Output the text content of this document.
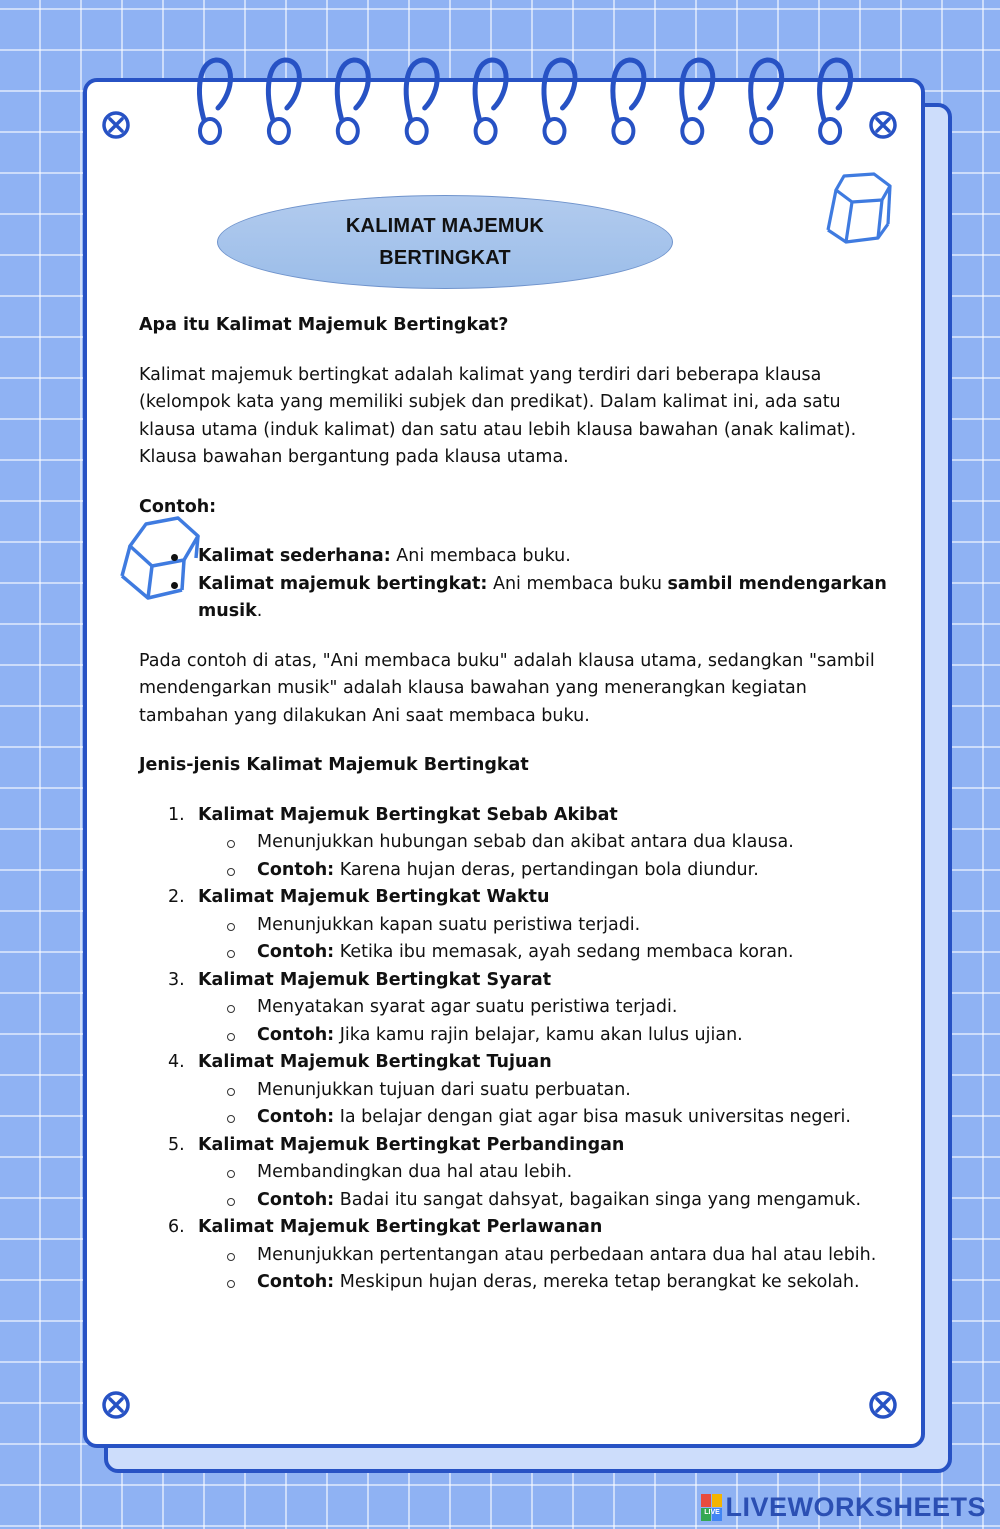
KALIMAT MAJEMUK
BERTINGKAT

Apa itu Kalimat Majemuk Bertingkat?

Kalimat majemuk bertingkat adalah kalimat yang terdiri dari beberapa klausa (kelompok kata yang memiliki subjek dan predikat). Dalam kalimat ini, ada satu klausa utama (induk kalimat) dan satu atau lebih klausa bawahan (anak kalimat). Klausa bawahan bergantung pada klausa utama.

Contoh:

Kalimat sederhana: Ani membaca buku.
Kalimat majemuk bertingkat: Ani membaca buku sambil mendengarkan musik.

Pada contoh di atas, "Ani membaca buku" adalah klausa utama, sedangkan "sambil mendengarkan musik" adalah klausa bawahan yang menerangkan kegiatan tambahan yang dilakukan Ani saat membaca buku.

Jenis-jenis Kalimat Majemuk Bertingkat

1. Kalimat Majemuk Bertingkat Sebab Akibat
Menunjukkan hubungan sebab dan akibat antara dua klausa.
Contoh: Karena hujan deras, pertandingan bola diundur.
2. Kalimat Majemuk Bertingkat Waktu
Menunjukkan kapan suatu peristiwa terjadi.
Contoh: Ketika ibu memasak, ayah sedang membaca koran.
3. Kalimat Majemuk Bertingkat Syarat
Menyatakan syarat agar suatu peristiwa terjadi.
Contoh: Jika kamu rajin belajar, kamu akan lulus ujian.
4. Kalimat Majemuk Bertingkat Tujuan
Menunjukkan tujuan dari suatu perbuatan.
Contoh: Ia belajar dengan giat agar bisa masuk universitas negeri.
5. Kalimat Majemuk Bertingkat Perbandingan
Membandingkan dua hal atau lebih.
Contoh: Badai itu sangat dahsyat, bagaikan singa yang mengamuk.
6. Kalimat Majemuk Bertingkat Perlawanan
Menunjukkan pertentangan atau perbedaan antara dua hal atau lebih.
Contoh: Meskipun hujan deras, mereka tetap berangkat ke sekolah.
LIVE LIVEWORKSHEETS
